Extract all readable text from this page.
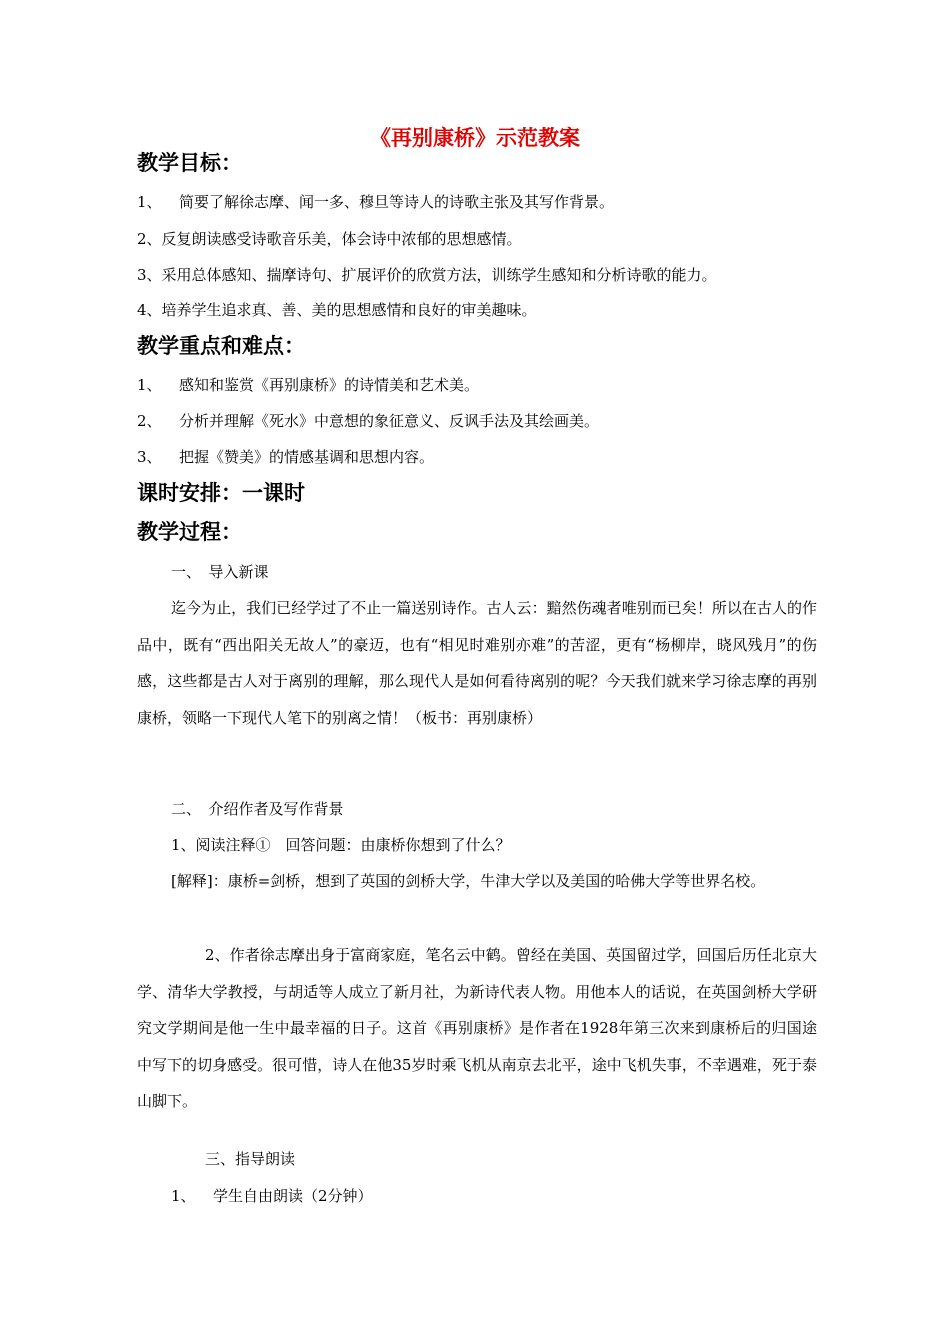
《再别康桥》示范教案
教学目标：

1、 简要了解徐志摩、闻一多、穆旦等诗人的诗歌主张及其写作背景。

2、反复朗读感受诗歌音乐美，体会诗中浓郁的思想感情。

3、采用总体感知、揣摩诗句、扩展评价的欣赏方法，训练学生感知和分析诗歌的能力。

4、培养学生追求真、善、美的思想感情和良好的审美趣味。

教学重点和难点：

1、 感知和鉴赏《再别康桥》的诗情美和艺术美。

2、 分析并理解《死水》中意想的象征意义、反讽手法及其绘画美。

3、 把握《赞美》的情感基调和思想内容。

课时安排：一课时
教学过程：

一、　导入新课

迄今为止，我们已经学过了不止一篇送别诗作。古人云：黯然伤魂者唯别而已矣！所以在古人的作品中，既有“西出阳关无故人”的豪迈，也有“相见时难别亦难”的苦涩，更有“杨柳岸，晓风残月”的伤感，这些都是古人对于离别的理解，那么现代人是如何看待离别的呢？今天我们就来学习徐志摩的再别康桥，领略一下现代人笔下的别离之情！（板书：再别康桥）

二、　介绍作者及写作背景

1、阅读注释①　回答问题：由康桥你想到了什么？

[解释]：康桥=剑桥，想到了英国的剑桥大学，牛津大学以及美国的哈佛大学等世界名校。

2、作者徐志摩出身于富商家庭，笔名云中鹤。曾经在美国、英国留过学，回国后历任北京大学、清华大学教授，与胡适等人成立了新月社，为新诗代表人物。用他本人的话说，在英国剑桥大学研究文学期间是他一生中最幸福的日子。这首《再别康桥》是作者在1928年第三次来到康桥后的归国途中写下的切身感受。很可惜，诗人在他35岁时乘飞机从南京去北平，途中飞机失事，不幸遇难，死于泰山脚下。

三、指导朗读

1、 学生自由朗读（2分钟）
